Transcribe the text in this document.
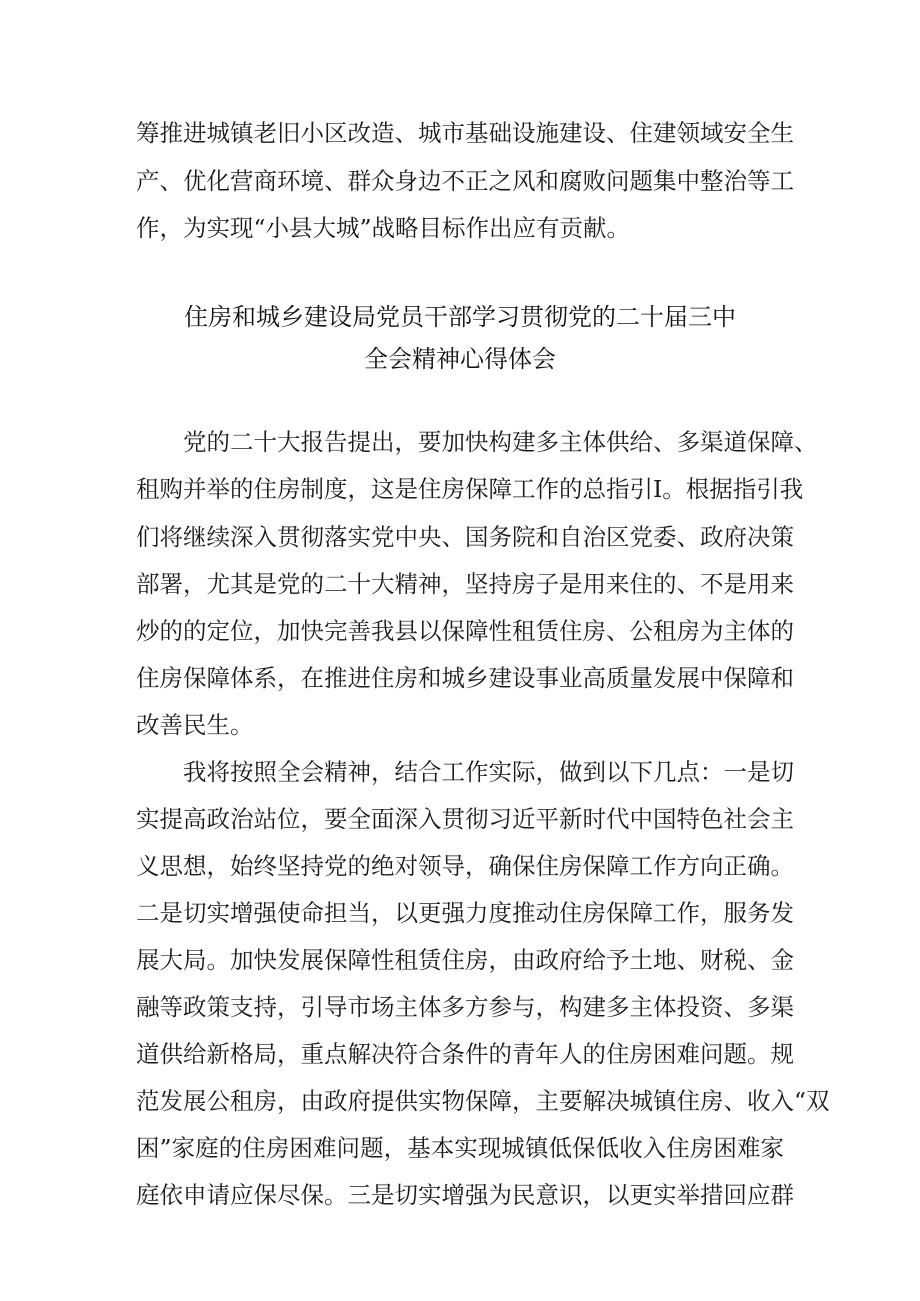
筹推进城镇老旧小区改造、城市基础设施建设、住建领域安全生
产、优化营商环境、群众身边不正之风和腐败问题集中整治等工
作，为实现“小县大城”战略目标作出应有贡献。
住房和城乡建设局党员干部学习贯彻党的二十届三中
全会精神心得体会
党的二十大报告提出，要加快构建多主体供给、多渠道保障、
租购并举的住房制度，这是住房保障工作的总指引I。根据指引我
们将继续深入贯彻落实党中央、国务院和自治区党委、政府决策
部署，尤其是党的二十大精神，坚持房子是用来住的、不是用来
炒的的定位，加快完善我县以保障性租赁住房、公租房为主体的
住房保障体系，在推进住房和城乡建设事业高质量发展中保障和
改善民生。
我将按照全会精神，结合工作实际，做到以下几点：一是切
实提高政治站位，要全面深入贯彻习近平新时代中国特色社会主
义思想，始终坚持党的绝对领导，确保住房保障工作方向正确。
二是切实增强使命担当，以更强力度推动住房保障工作，服务发
展大局。加快发展保障性租赁住房，由政府给予土地、财税、金
融等政策支持，引导市场主体多方参与，构建多主体投资、多渠
道供给新格局，重点解决符合条件的青年人的住房困难问题。规
范发展公租房，由政府提供实物保障，主要解决城镇住房、收入“双
困”家庭的住房困难问题，基本实现城镇低保低收入住房困难家
庭依申请应保尽保。三是切实增强为民意识，以更实举措回应群
